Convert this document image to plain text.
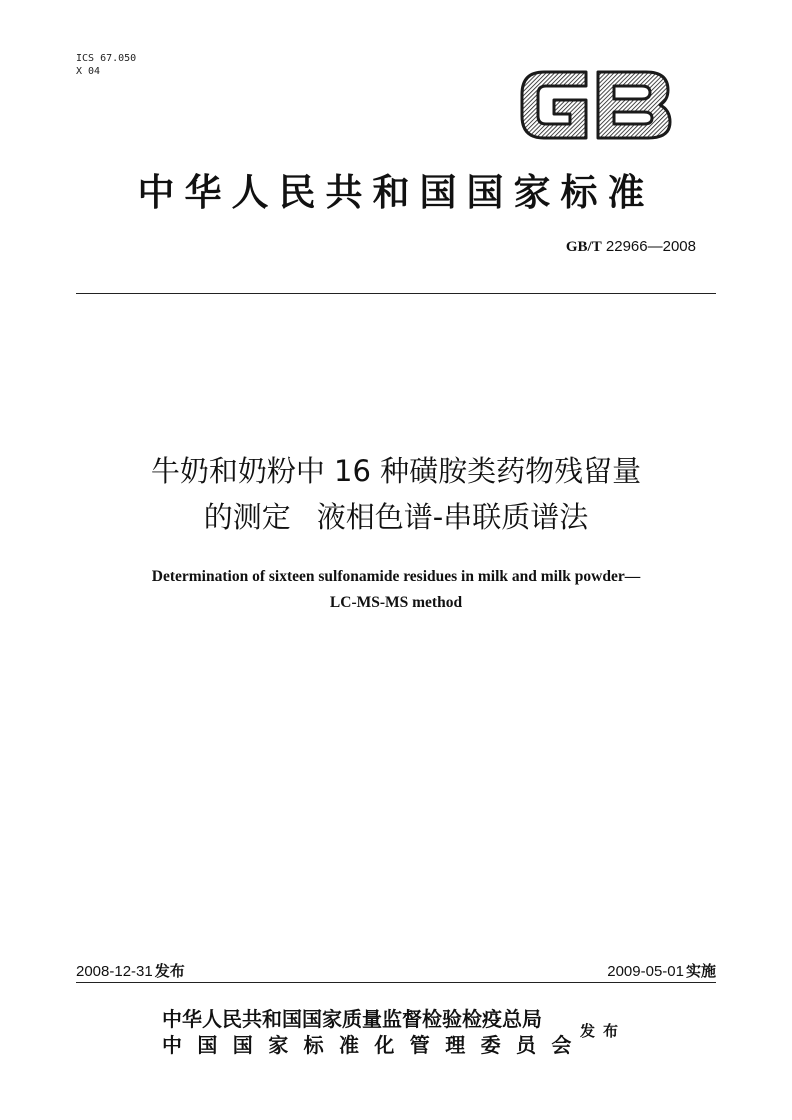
ICS 67.050
X 04
中华人民共和国国家标准
GB/T 22966—2008
牛奶和奶粉中 16 种磺胺类药物残留量
的测定 液相色谱-串联质谱法
Determination of sixteen sulfonamide residues in milk and milk powder—
LC-MS-MS method
2008-12-31 发布	2009-05-01 实施
中华人民共和国国家质量监督检验检疫总局
中国国家标准化管理委员会
发布
